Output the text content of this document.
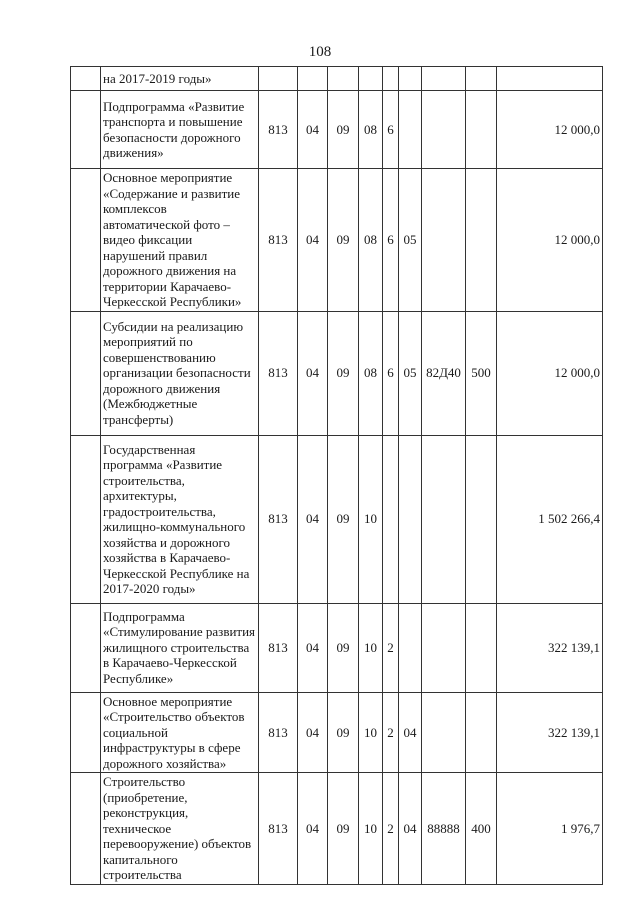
108
	на 2017-2019 годы»									
	Подпрограмма «Развитие транспорта и повышение безопасности дорожного движения»	813	04	09	08	6				12 000,0
	Основное мероприятие «Содержание и развитие комплексов автоматической фото – видео фиксации нарушений правил дорожного движения на территории Карачаево-Черкесской Республики»	813	04	09	08	6	05			12 000,0
	Субсидии на реализацию мероприятий по совершенствованию организации безопасности дорожного движения (Межбюджетные трансферты)	813	04	09	08	6	05	82Д40	500	12 000,0
	Государственная программа «Развитие строительства, архитектуры, градостроительства, жилищно-коммунального хозяйства и дорожного хозяйства в Карачаево-Черкесской Республике на 2017-2020 годы»	813	04	09	10					1 502 266,4
	Подпрограмма «Стимулирование развития жилищного строительства в Карачаево-Черкесской Республике»	813	04	09	10	2				322 139,1
	Основное мероприятие «Строительство объектов социальной инфраструктуры в сфере дорожного хозяйства»	813	04	09	10	2	04			322 139,1
	Строительство (приобретение, реконструкция, техническое перевооружение) объектов капитального строительства	813	04	09	10	2	04	88888	400	1 976,7
